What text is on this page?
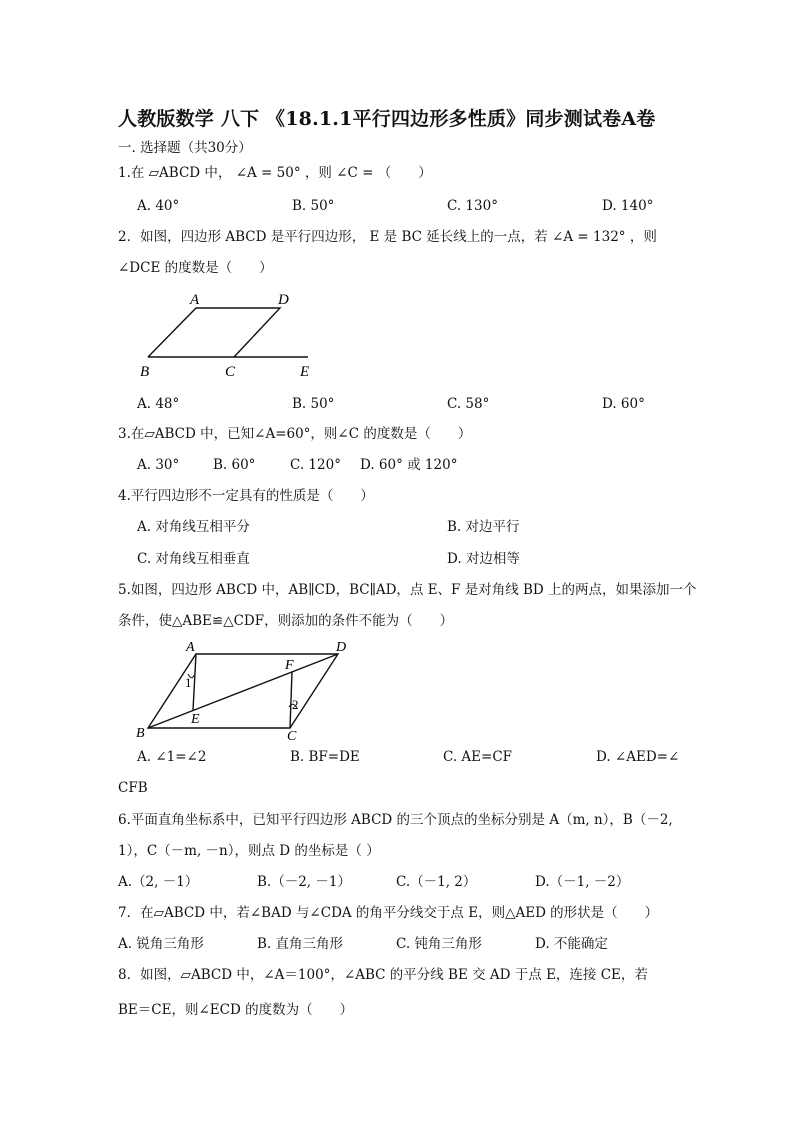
人教版数学 八下 《18.1.1平行四边形多性质》同步测试卷A卷
一. 选择题（共30分）
1.在 ▱ABCD 中， ∠A = 50° ，则 ∠C = （　　）
A. 40°	B. 50°	C. 130°	D. 140°
2．如图，四边形 ABCD 是平行四边形， E 是 BC 延长线上的一点，若 ∠A = 132° ，则
∠DCE 的度数是（　　）
A	D
B	C	E
A. 48°	B. 50°	C. 58°	D. 60°
3.在▱ABCD 中，已知∠A=60°，则∠C 的度数是（　　）
A. 30° B. 60°	C. 120° D. 60° 或 120°
4.平行四边形不一定具有的性质是（　　）
A. 对角线互相平分	B. 对边平行
C. 对角线互相垂直	D. 对边相等
5.如图，四边形 ABCD 中，AB∥CD，BC∥AD，点 E、F 是对角线 BD 上的两点，如果添加一个
条件，使△ABE≌△CDF，则添加的条件不能为（　　）
A	D
B	C
E
F
1
2
A. ∠1=∠2	B. BF=DE	C. AE=CF	D. ∠AED=∠
CFB
6.平面直角坐标系中，已知平行四边形 ABCD 的三个顶点的坐标分别是 A（m, n），B（－2,
1），C（－m, －n），则点 D 的坐标是（ ）
A.（2, －1）	B.（－2, －1）	C.（－1, 2）	D.（－1, －2）
7．在▱ABCD 中，若∠BAD 与∠CDA 的角平分线交于点 E，则△AED 的形状是（　　）
A. 锐角三角形	B. 直角三角形	C. 钝角三角形	D. 不能确定
8．如图，▱ABCD 中，∠A＝100°，∠ABC 的平分线 BE 交 AD 于点 E，连接 CE，若
BE＝CE，则∠ECD 的度数为（　　）
